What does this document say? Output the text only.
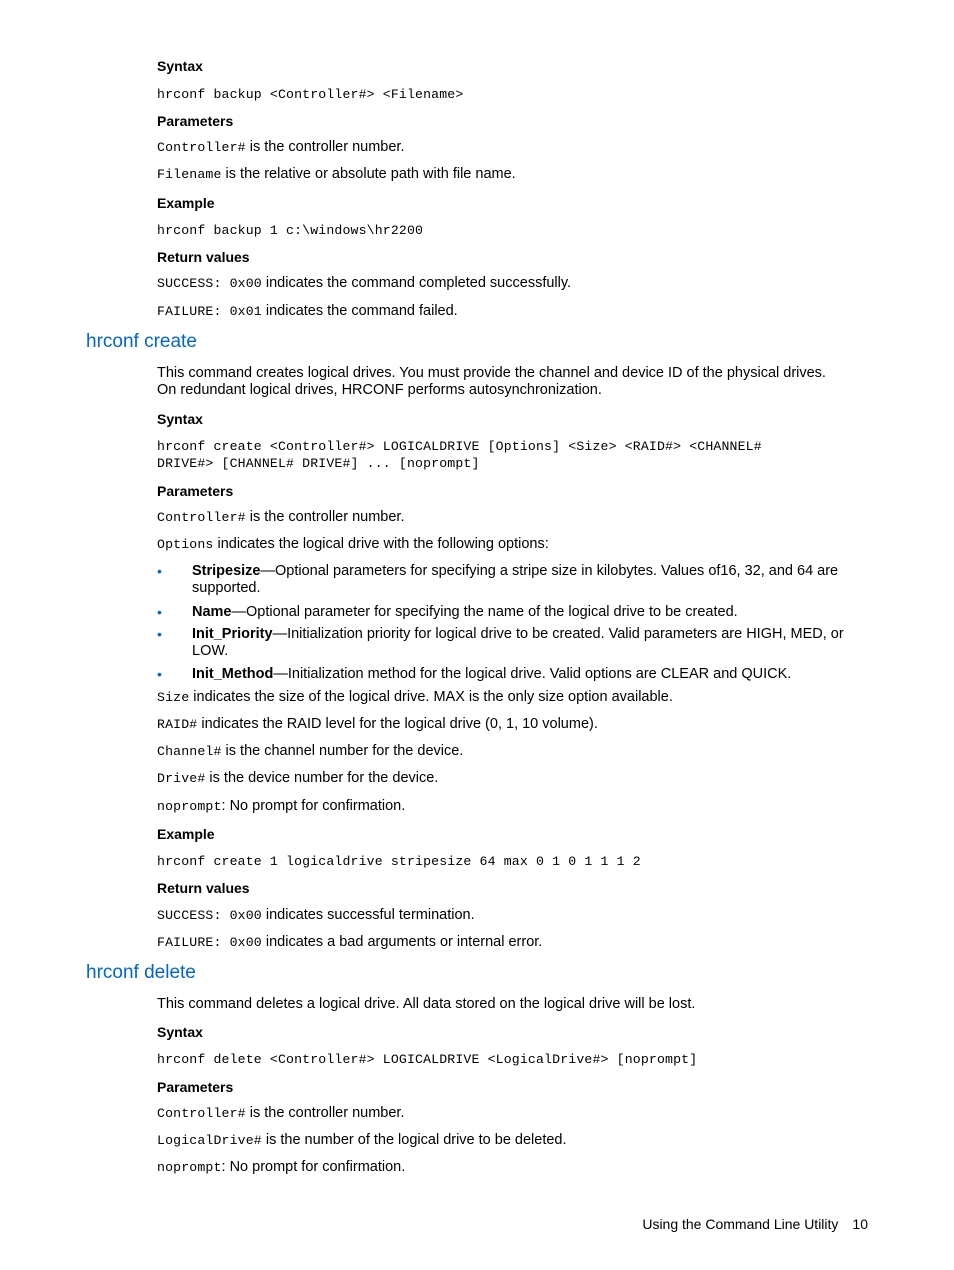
Syntax
hrconf backup <Controller#> <Filename>
Parameters
Controller# is the controller number.
Filename is the relative or absolute path with file name.
Example
hrconf backup 1 c:\windows\hr2200
Return values
SUCCESS: 0x00 indicates the command completed successfully.
FAILURE: 0x01 indicates the command failed.
hrconf create
This command creates logical drives. You must provide the channel and device ID of the physical drives. On redundant logical drives, HRCONF performs autosynchronization.
Syntax
hrconf create <Controller#> LOGICALDRIVE [Options] <Size> <RAID#> <CHANNEL#
DRIVE#> [CHANNEL# DRIVE#] ... [noprompt]
Parameters
Controller# is the controller number.
Options indicates the logical drive with the following options:
• Stripesize—Optional parameters for specifying a stripe size in kilobytes. Values of16, 32, and 64 are supported.
• Name—Optional parameter for specifying the name of the logical drive to be created.
• Init_Priority—Initialization priority for logical drive to be created. Valid parameters are HIGH, MED, or LOW.
• Init_Method—Initialization method for the logical drive. Valid options are CLEAR and QUICK.
Size indicates the size of the logical drive. MAX is the only size option available.
RAID# indicates the RAID level for the logical drive (0, 1, 10 volume).
Channel# is the channel number for the device.
Drive# is the device number for the device.
noprompt: No prompt for confirmation.
Example
hrconf create 1 logicaldrive stripesize 64 max 0 1 0 1 1 1 2
Return values
SUCCESS: 0x00 indicates successful termination.
FAILURE: 0x00 indicates a bad arguments or internal error.
hrconf delete
This command deletes a logical drive. All data stored on the logical drive will be lost.
Syntax
hrconf delete <Controller#> LOGICALDRIVE <LogicalDrive#> [noprompt]
Parameters
Controller# is the controller number.
LogicalDrive# is the number of the logical drive to be deleted.
noprompt: No prompt for confirmation.
Using the Command Line Utility 10
